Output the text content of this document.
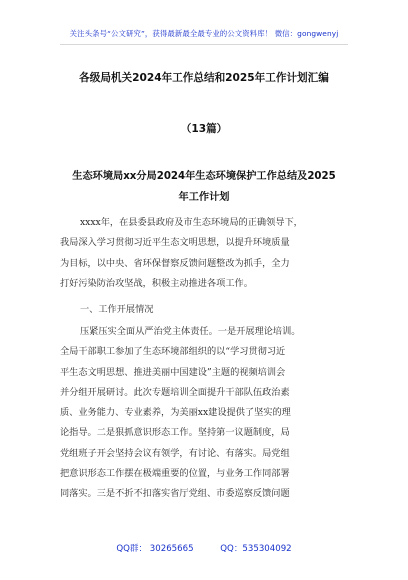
关注头条号“公文研究”，获得最新最全最专业的公文资料库！ 微信：gongwenyj
各级局机关2024年工作总结和2025年工作计划汇编
（13篇）
生态环境局xx分局2024年生态环境保护工作总结及2025
年工作计划
xxxx年，在县委县政府及市生态环境局的正确领导下，
我局深入学习贯彻习近平生态文明思想，以提升环境质量
为目标，以中央、省环保督察反馈问题整改为抓手，全力
打好污染防治攻坚战，积极主动推进各项工作。
一、工作开展情况
压紧压实全面从严治党主体责任。一是开展理论培训。
全局干部职工参加了生态环境部组织的以“学习贯彻习近
平生态文明思想、推进美丽中国建设”主题的视频培训会
并分组开展研讨。此次专题培训全面提升干部队伍政治素
质、业务能力、专业素养，为美丽xx建设提供了坚实的理
论指导。二是狠抓意识形态工作。坚持第一议题制度，局
党组班子开会坚持会议有领学，有讨论、有落实。局党组
把意识形态工作摆在极端重要的位置，与业务工作同部署
同落实。三是不折不扣落实省厅党组、市委巡察反馈问题
QQ群： 30265665	QQ：535304092
